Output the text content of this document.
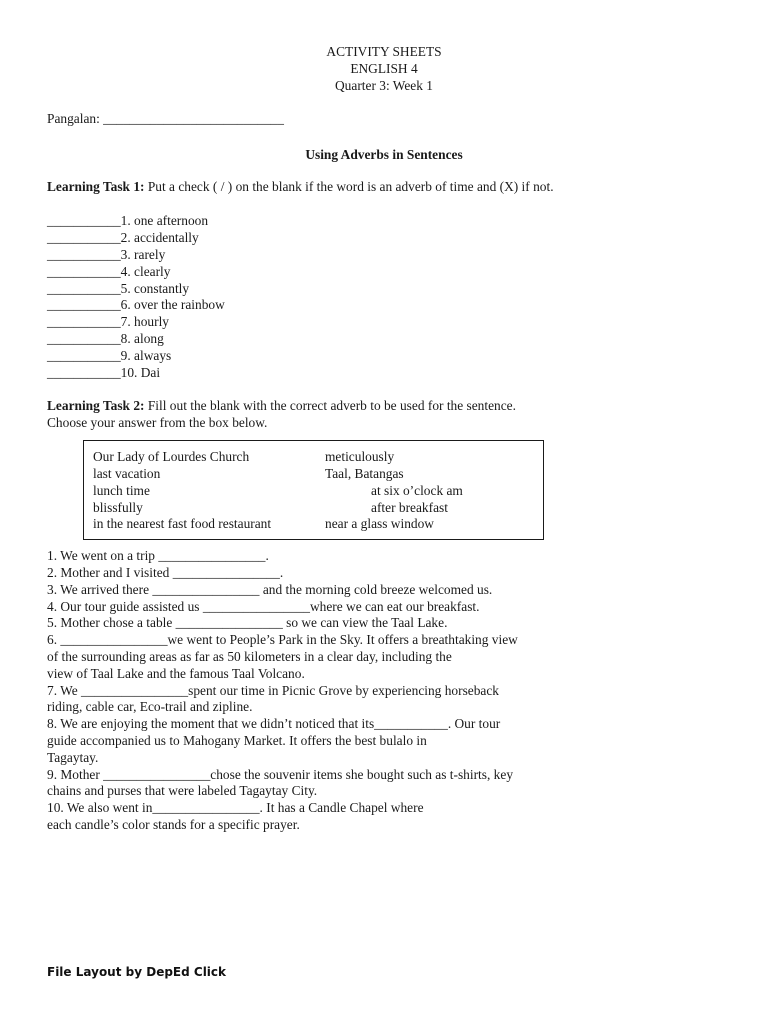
ACTIVITY SHEETS
ENGLISH 4
Quarter 3: Week 1
Pangalan: ___________________________
Using Adverbs in Sentences
Learning Task 1: Put a check ( / ) on the blank if the word is an adverb of time and (X) if not.
___________1. one afternoon
___________2. accidentally
___________3. rarely
___________4. clearly
___________5. constantly
___________6. over the rainbow
___________7. hourly
___________8. along
___________9. always
___________10. Dai
Learning Task 2: Fill out the blank with the correct adverb to be used for the sentence.
Choose your answer from the box below.
Our Lady of Lourdes Church
last vacation
lunch time
blissfully
in the nearest fast food restaurant
meticulously
Taal, Batangas
at six o’clock am
after breakfast
near a glass window
1. We went on a trip ________________.
2. Mother and I visited ________________.
3. We arrived there ________________ and the morning cold breeze welcomed us.
4. Our tour guide assisted us ________________where we can eat our breakfast.
5. Mother chose a table ________________ so we can view the Taal Lake.
6. ________________we went to People’s Park in the Sky. It offers a breathtaking view
of the surrounding areas as far as 50 kilometers in a clear day, including the
view of Taal Lake and the famous Taal Volcano.
7. We ________________spent our time in Picnic Grove by experiencing horseback
riding, cable car, Eco-trail and zipline.
8. We are enjoying the moment that we didn’t noticed that its___________. Our tour
guide accompanied us to Mahogany Market. It offers the best bulalo in
Tagaytay.
9. Mother ________________chose the souvenir items she bought such as t-shirts, key
chains and purses that were labeled Tagaytay City.
10. We also went in________________. It has a Candle Chapel where
each candle’s color stands for a specific prayer.
File Layout by DepEd Click
